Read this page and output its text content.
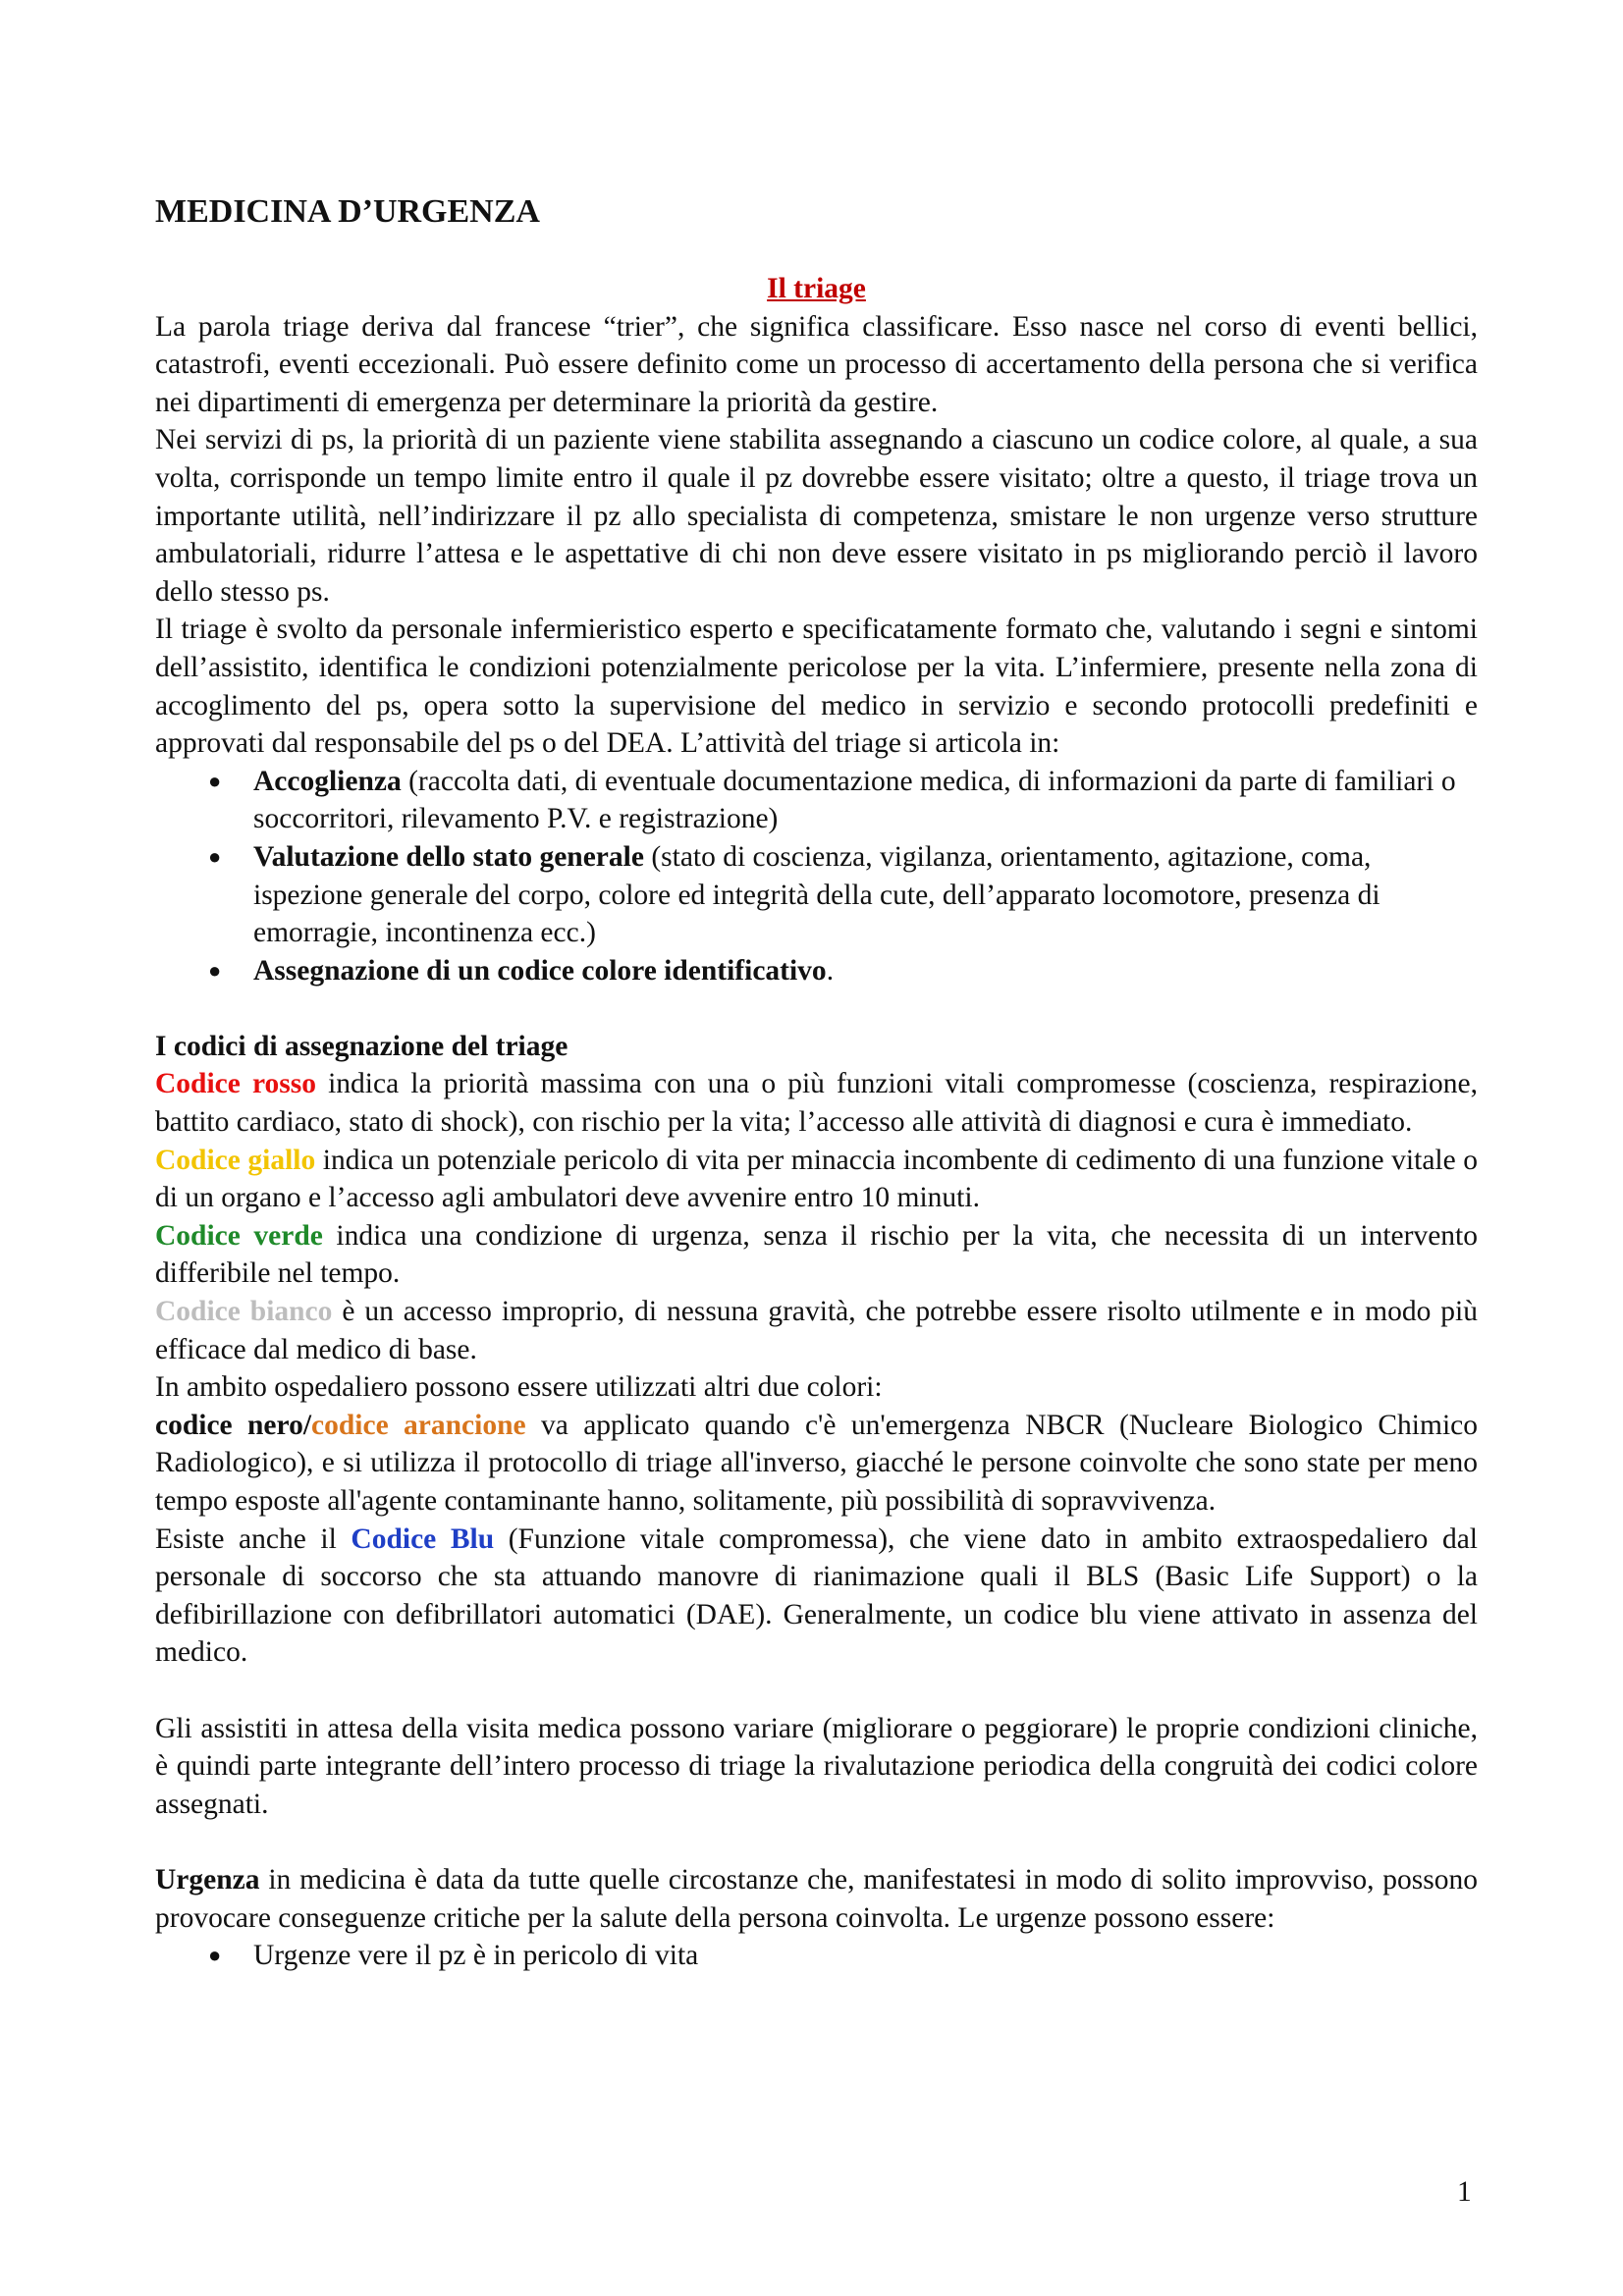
MEDICINA D’URGENZA

Il triage

La parola triage deriva dal francese “trier”, che significa classificare. Esso nasce nel corso di eventi bellici, catastrofi, eventi eccezionali. Può essere definito come un processo di accertamento della persona che si verifica nei dipartimenti di emergenza per determinare la priorità da gestire.

Nei servizi di ps, la priorità di un paziente viene stabilita assegnando a ciascuno un codice colore, al quale, a sua volta, corrisponde un tempo limite entro il quale il pz dovrebbe essere visitato; oltre a questo, il triage trova un importante utilità, nell’indirizzare il pz allo specialista di competenza, smistare le non urgenze verso strutture ambulatoriali, ridurre l’attesa e le aspettative di chi non deve essere visitato in ps migliorando perciò il lavoro dello stesso ps.

Il triage è svolto da personale infermieristico esperto e specificatamente formato che, valutando i segni e sintomi dell’assistito, identifica le condizioni potenzialmente pericolose per la vita. L’infermiere, presente nella zona di accoglimento del ps, opera sotto la supervisione del medico in servizio e secondo protocolli predefiniti e approvati dal responsabile del ps o del DEA. L’attività del triage si articola in:

● Accoglienza (raccolta dati, di eventuale documentazione medica, di informazioni da parte di familiari o soccorritori, rilevamento P.V. e registrazione)
● Valutazione dello stato generale (stato di coscienza, vigilanza, orientamento, agitazione, coma, ispezione generale del corpo, colore ed integrità della cute, dell’apparato locomotore, presenza di emorragie, incontinenza ecc.)
● Assegnazione di un codice colore identificativo.

I codici di assegnazione del triage

Codice rosso indica la priorità massima con una o più funzioni vitali compromesse (coscienza, respirazione, battito cardiaco, stato di shock), con rischio per la vita; l’accesso alle attività di diagnosi e cura è immediato.

Codice giallo indica un potenziale pericolo di vita per minaccia incombente di cedimento di una funzione vitale o di un organo e l’accesso agli ambulatori deve avvenire entro 10 minuti.

Codice verde indica una condizione di urgenza, senza il rischio per la vita, che necessita di un intervento differibile nel tempo.

Codice bianco è un accesso improprio, di nessuna gravità, che potrebbe essere risolto utilmente e in modo più efficace dal medico di base.

In ambito ospedaliero possono essere utilizzati altri due colori:

codice nero/codice arancione va applicato quando c'è un'emergenza NBCR (Nucleare Biologico Chimico Radiologico), e si utilizza il protocollo di triage all'inverso, giacché le persone coinvolte che sono state per meno tempo esposte all'agente contaminante hanno, solitamente, più possibilità di sopravvivenza.

Esiste anche il Codice Blu (Funzione vitale compromessa), che viene dato in ambito extraospedaliero dal personale di soccorso che sta attuando manovre di rianimazione quali il BLS (Basic Life Support) o la defibirillazione con defibrillatori automatici (DAE). Generalmente, un codice blu viene attivato in assenza del medico.

Gli assistiti in attesa della visita medica possono variare (migliorare o peggiorare) le proprie condizioni cliniche, è quindi parte integrante dell’intero processo di triage la rivalutazione periodica della congruità dei codici colore assegnati.

Urgenza in medicina è data da tutte quelle circostanze che, manifestatesi in modo di solito improvviso, possono provocare conseguenze critiche per la salute della persona coinvolta. Le urgenze possono essere:

● Urgenze vere il pz è in pericolo di vita
1
